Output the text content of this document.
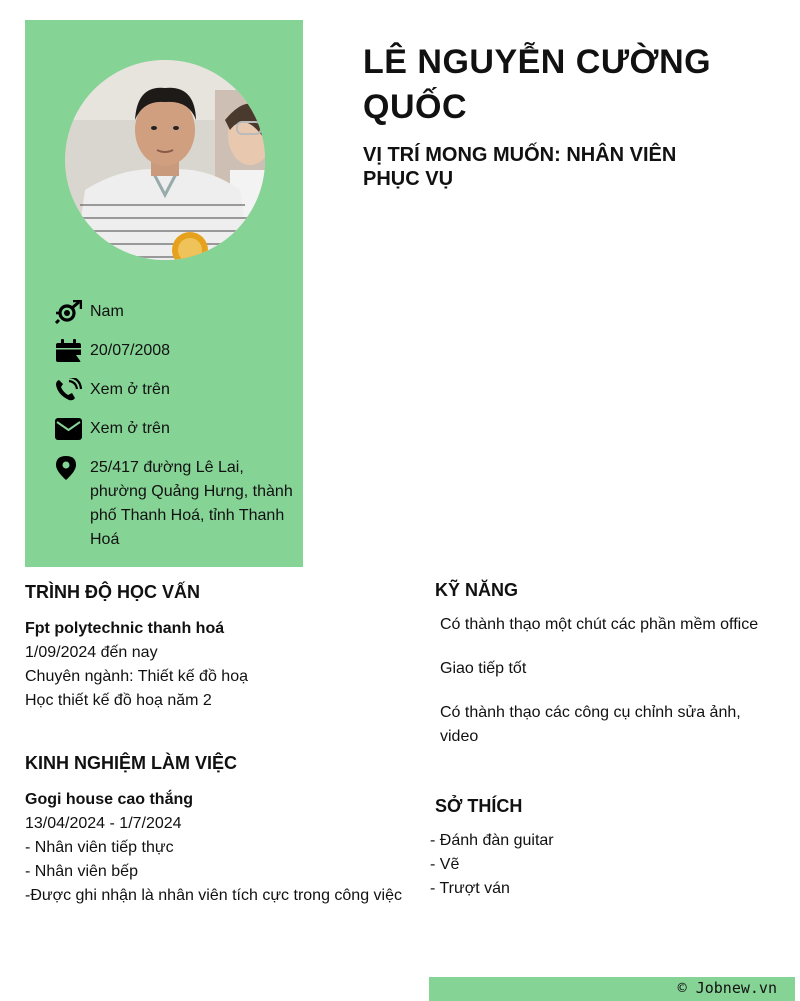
Nam
20/07/2008
Xem ở trên
Xem ở trên
25/417 đường Lê Lai, phường Quảng Hưng, thành phố Thanh Hoá, tỉnh Thanh Hoá
LÊ NGUYỄN CƯỜNG QUỐC
VỊ TRÍ MONG MUỐN: NHÂN VIÊN PHỤC VỤ
TRÌNH ĐỘ HỌC VẤN
Fpt polytechnic thanh hoá
1/09/2024 đến nay
Chuyên ngành: Thiết kế đồ hoạ
Học thiết kế đồ hoạ năm 2
KINH NGHIỆM LÀM VIỆC
Gogi house cao thắng
13/04/2024 - 1/7/2024
- Nhân viên tiếp thực
- Nhân viên bếp
-Được ghi nhận là nhân viên tích cực trong công việc
KỸ NĂNG
Có thành thạo một chút các phần mềm office
Giao tiếp tốt
Có thành thạo các công cụ chỉnh sửa ảnh, video
SỞ THÍCH
- Đánh đàn guitar
- Vẽ
- Trượt ván
© Jobnew.vn
